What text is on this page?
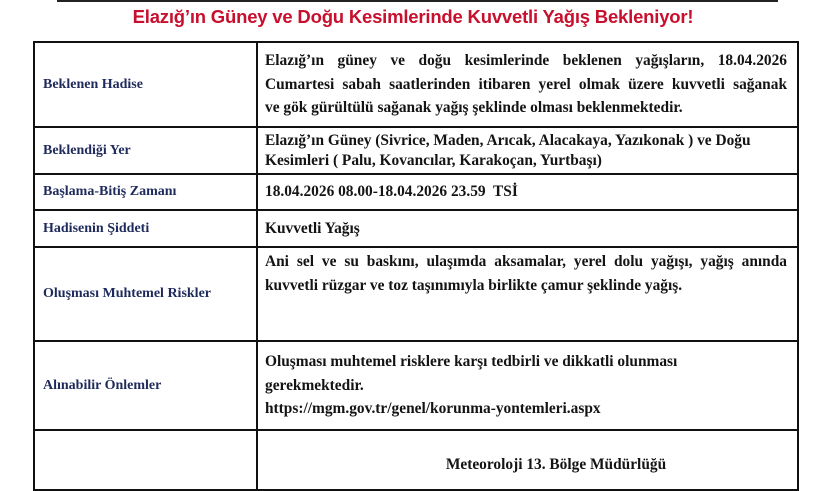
Elazığ’ın Güney ve Doğu Kesimlerinde Kuvvetli Yağış Bekleniyor!
Beklenen Hadise	Elazığ’ın güney ve doğu kesimlerinde beklenen yağışların, 18.04.2026
Cumartesi sabah saatlerinden itibaren yerel olmak üzere kuvvetli sağanak
ve gök gürültülü sağanak yağış şeklinde olması beklenmektedir.

Beklendiği Yer	Elazığ’ın Güney (Sivrice, Maden, Arıcak, Alacakaya, Yazıkonak ) ve Doğu
Kesimleri ( Palu, Kovancılar, Karakoçan, Yurtbaşı)

Başlama-Bitiş Zamanı	18.04.2026 08.00-18.04.2026 23.59  TSİ

Hadisenin Şiddeti	Kuvvetli Yağış

Oluşması Muhtemel Riskler	Ani sel ve su baskını, ulaşımda aksamalar, yerel dolu yağışı, yağış anında
kuvvetli rüzgar ve toz taşınımıyla birlikte çamur şeklinde yağış.

Alınabilir Önlemler	Oluşması muhtemel risklere karşı tedbirli ve dikkatli olunması
gerekmektedir.
https://mgm.gov.tr/genel/korunma-yontemleri.aspx

	Meteoroloji 13. Bölge Müdürlüğü
